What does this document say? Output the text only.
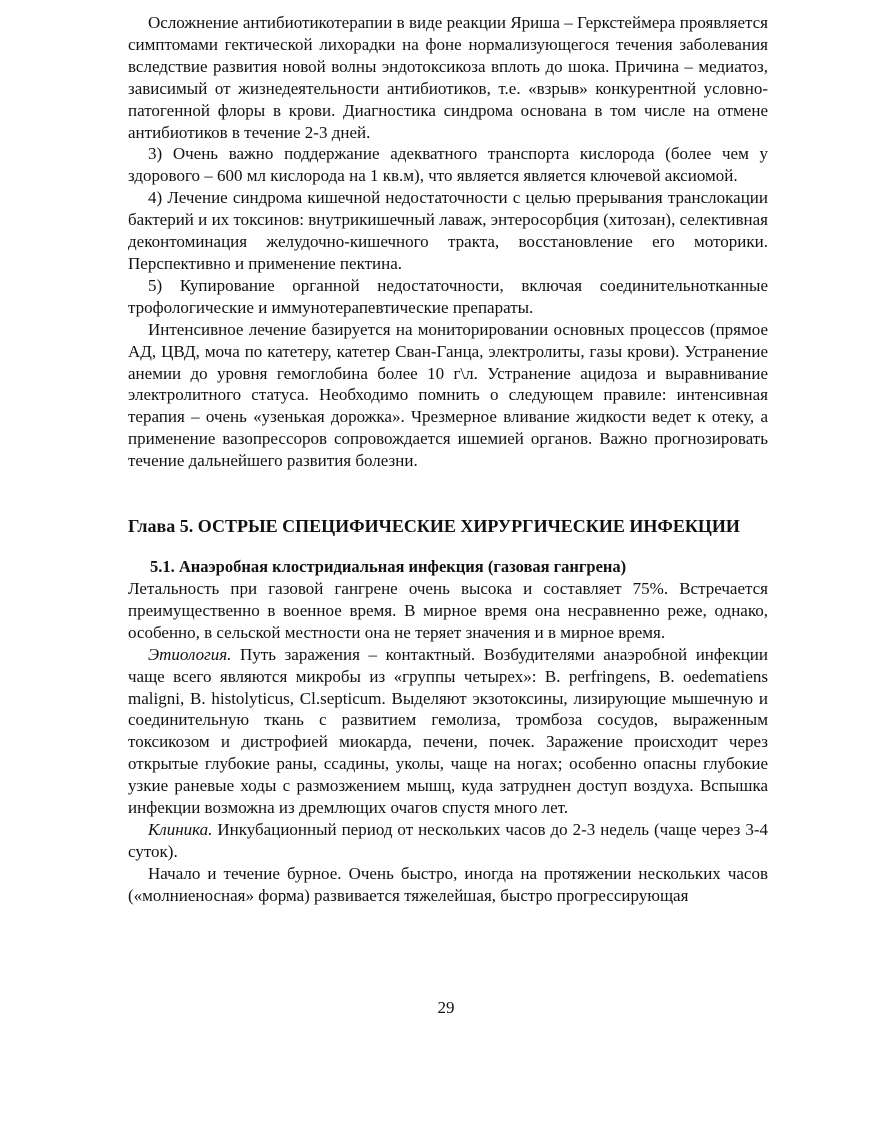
Осложнение антибиотикотерапии в виде реакции Яриша – Геркстеймера проявляется симптомами гектической лихорадки на фоне нормализующегося течения заболевания вследствие развития новой волны эндотоксикоза вплоть до шока. Причина – медиатоз, зависимый от жизнедеятельности антибиотиков, т.е. «взрыв» конкурентной условно-патогенной флоры в крови. Диагностика синдрома основана в том числе на отмене антибиотиков в течение 2-3 дней.

3) Очень важно поддержание адекватного транспорта кислорода (более чем у здорового – 600 мл кислорода на 1 кв.м), что является является ключевой аксиомой.

4) Лечение синдрома кишечной недостаточности с целью прерывания транслокации бактерий и их токсинов: внутрикишечный лаваж, энтеросорбция (хитозан), селективная деконтоминация желудочно-кишечного тракта, восстановление его моторики. Перспективно и применение пектина.

5) Купирование органной недостаточности, включая соединительнотканные трофологические и иммунотерапевтические препараты.

Интенсивное лечение базируется на мониторировании основных процессов (прямое АД, ЦВД, моча по катетеру, катетер Сван-Ганца, электролиты, газы крови). Устранение анемии до уровня гемоглобина более 10 г\л. Устранение ацидоза и выравнивание электролитного статуса. Необходимо помнить о следующем правиле: интенсивная терапия – очень «узенькая дорожка». Чрезмерное вливание жидкости ведет к отеку, а применение вазопрессоров сопровождается ишемией органов. Важно прогнозировать течение дальнейшего развития болезни.

Глава 5. ОСТРЫЕ СПЕЦИФИЧЕСКИЕ ХИРУРГИЧЕСКИЕ ИНФЕКЦИИ
5.1. Анаэробная клостридиальная инфекция (газовая гангрена)

Летальность при газовой гангрене очень высока и составляет 75%. Встречается преимущественно в военное время. В мирное время она несравненно реже, однако, особенно, в сельской местности она не теряет значения и в мирное время.

Этиология. Путь заражения – контактный. Возбудителями анаэробной инфекции чаще всего являются микробы из «группы четырех»: B. perfringens, B. oedematiens maligni, B. histolyticus, Cl.septicum. Выделяют экзотоксины, лизирующие мышечную и соединительную ткань с развитием гемолиза, тромбоза сосудов, выраженным токсикозом и дистрофией миокарда, печени, почек. Заражение происходит через открытые глубокие раны, ссадины, уколы, чаще на ногах; особенно опасны глубокие узкие раневые ходы с размозжением мышц, куда затруднен доступ воздуха. Вспышка инфекции возможна из дремлющих очагов спустя много лет.

Клиника. Инкубационный период от нескольких часов до 2-3 недель (чаще через 3-4 суток).

Начало и течение бурное. Очень быстро, иногда на протяжении нескольких часов («молниеносная» форма) развивается тяжелейшая, быстро прогрессирующая

29
